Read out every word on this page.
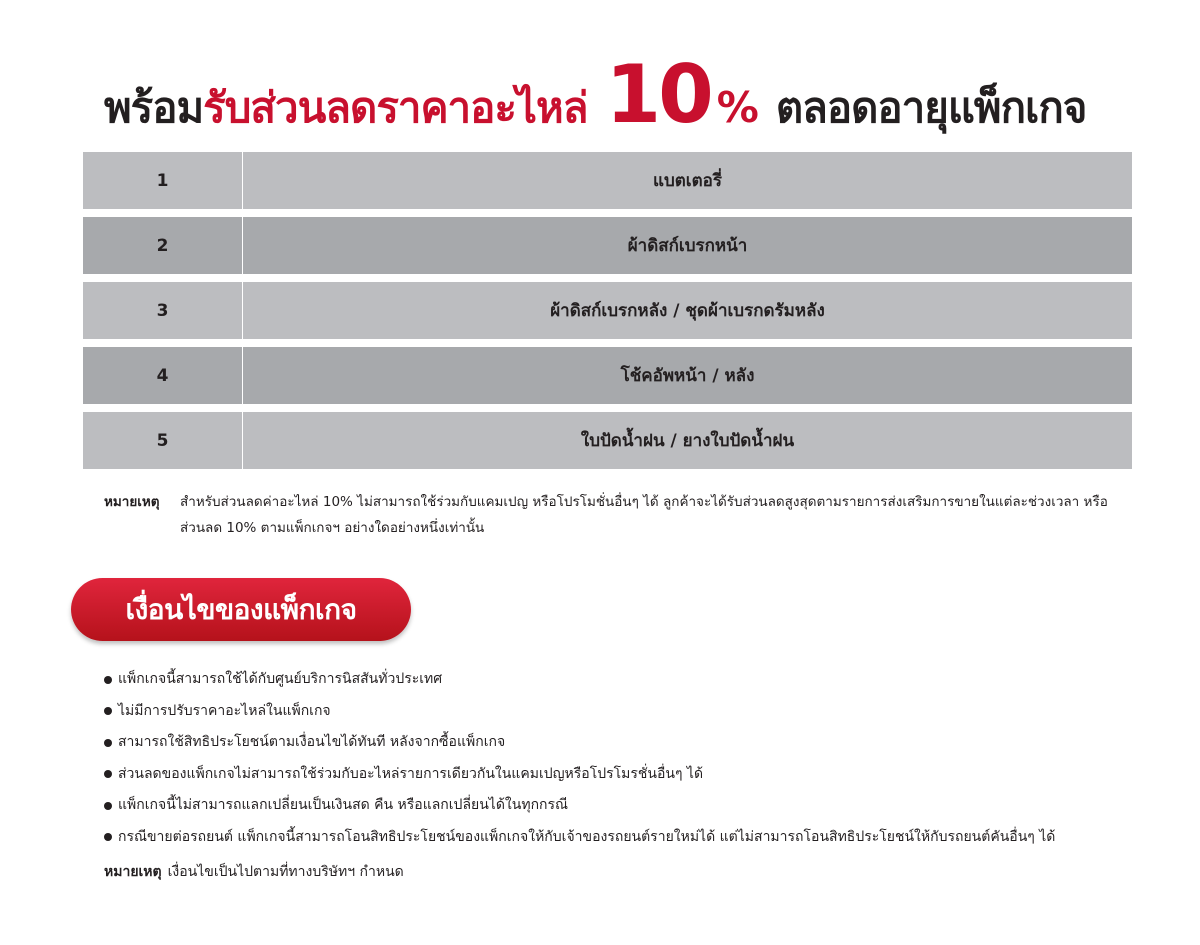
พร้อมรับส่วนลดราคาอะไหล่ 10 % ตลอดอายุแพ็กเกจ
1	แบตเตอรี่
2	ผ้าดิสก์เบรกหน้า
3	ผ้าดิสก์เบรกหลัง / ชุดผ้าเบรกดรัมหลัง
4	โช้คอัพหน้า / หลัง
5	ใบปัดน้ำฝน / ยางใบปัดน้ำฝน
หมายเหตุ สำหรับส่วนลดค่าอะไหล่ 10% ไม่สามารถใช้ร่วมกับแคมเปญ หรือโปรโมชั่นอื่นๆ ได้ ลูกค้าจะได้รับส่วนลดสูงสุดตามรายการส่งเสริมการขายในแต่ละช่วงเวลา หรือส่วนลด 10% ตามแพ็กเกจฯ อย่างใดอย่างหนึ่งเท่านั้น
เงื่อนไขของแพ็กเกจ
แพ็กเกจนี้สามารถใช้ได้กับศูนย์บริการนิสสันทั่วประเทศ
ไม่มีการปรับราคาอะไหล่ในแพ็กเกจ
สามารถใช้สิทธิประโยชน์ตามเงื่อนไขได้ทันที หลังจากซื้อแพ็กเกจ
ส่วนลดของแพ็กเกจไม่สามารถใช้ร่วมกับอะไหล่รายการเดียวกันในแคมเปญหรือโปรโมรชั่นอื่นๆ ได้
แพ็กเกจนี้ไม่สามารถแลกเปลี่ยนเป็นเงินสด คืน หรือแลกเปลี่ยนได้ในทุกกรณี
กรณีขายต่อรถยนต์ แพ็กเกจนี้สามารถโอนสิทธิประโยชน์ของแพ็กเกจให้กับเจ้าของรถยนต์รายใหม่ได้ แต่ไม่สามารถโอนสิทธิประโยชน์ให้กับรถยนต์คันอื่นๆ ได้
หมายเหตุ เงื่อนไขเป็นไปตามที่ทางบริษัทฯ กำหนด
